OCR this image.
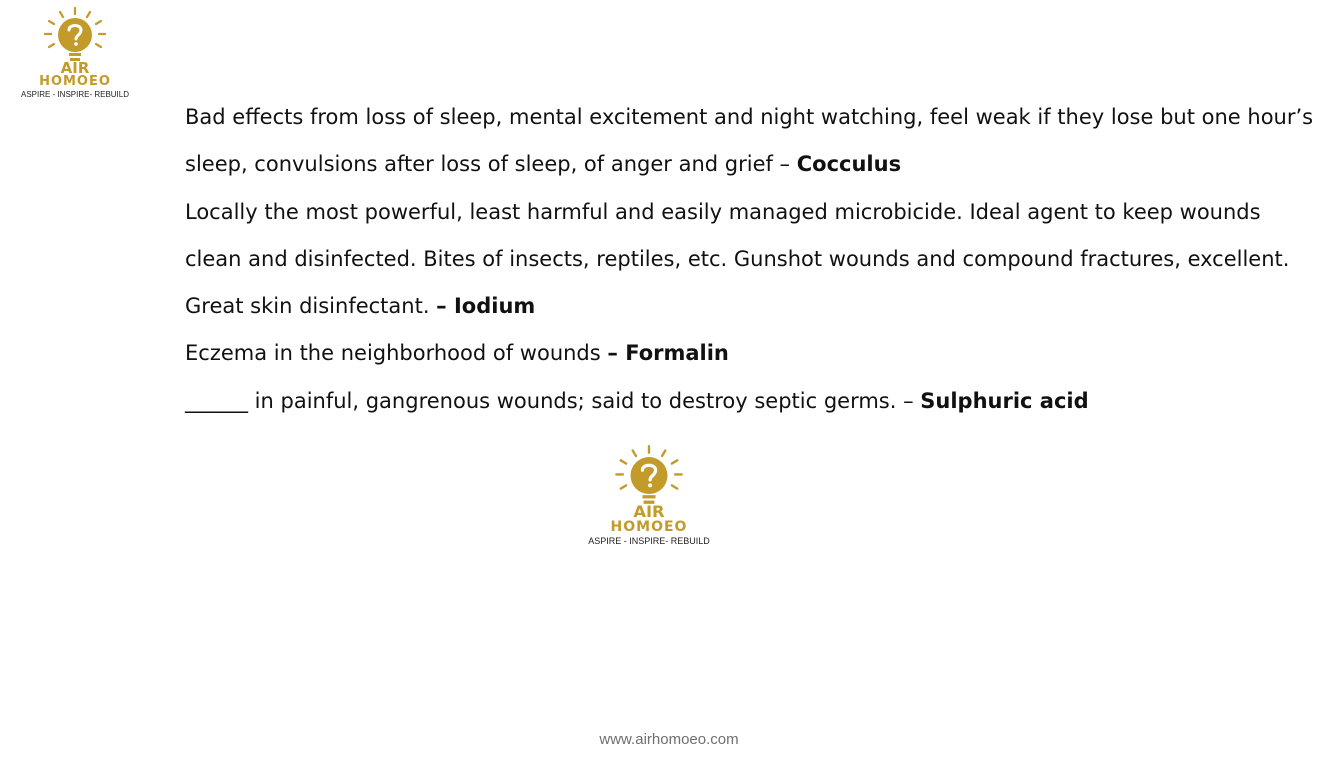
AIR
HOMOEO
ASPIRE - INSPIRE- REBUILD

Bad effects from loss of sleep, mental excitement and night watching, feel weak if they lose but one hour’s sleep, convulsions after loss of sleep, of anger and grief – Cocculus

Locally the most powerful, least harmful and easily managed microbicide. Ideal agent to keep wounds clean and disinfected. Bites of insects, reptiles, etc. Gunshot wounds and compound fractures, excellent. Great skin disinfectant. – Iodium

Eczema in the neighborhood of wounds – Formalin

______ in painful, gangrenous wounds; said to destroy septic germs. – Sulphuric acid

AIR
HOMOEO
ASPIRE - INSPIRE- REBUILD
www.airhomoeo.com
